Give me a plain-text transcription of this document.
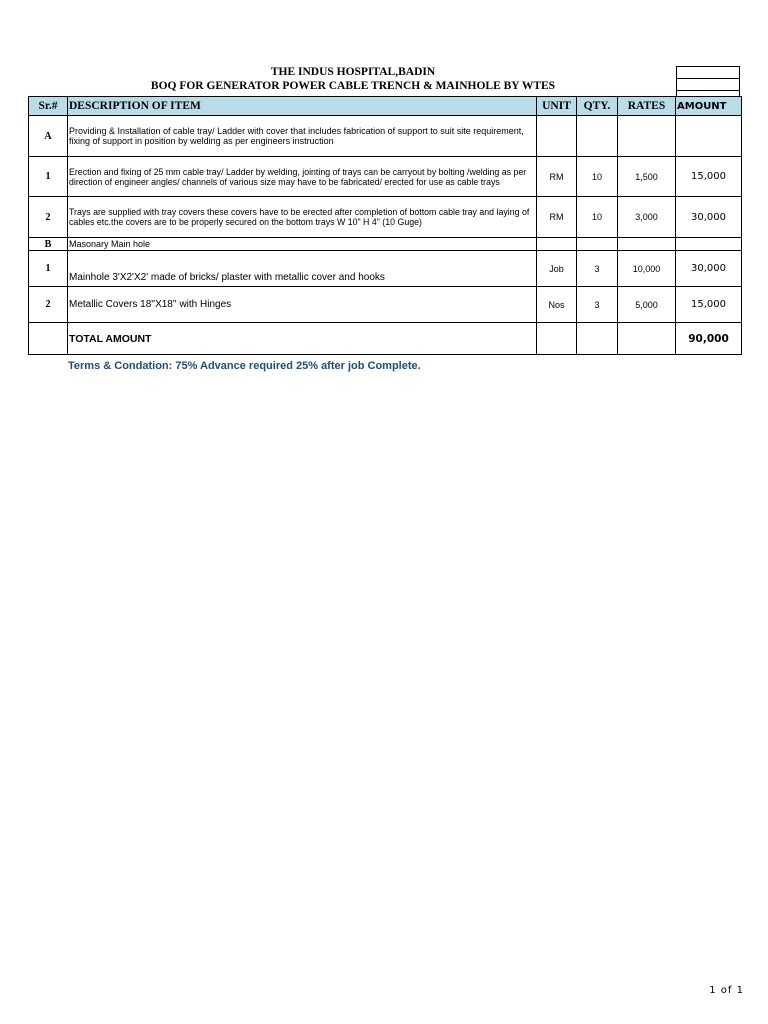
THE INDUS HOSPITAL,BADIN
BOQ FOR GENERATOR POWER CABLE TRENCH & MAINHOLE BY WTES
Sr.#	DESCRIPTION OF ITEM	UNIT	QTY.	RATES	AMOUNT
A	Providing & Installation of cable tray/ Ladder with cover that includes fabrication of support to suit site requirement, fixing of support in position by welding as per engineers instruction				
1	Erection and fixing of 25 mm cable tray/ Ladder by welding, jointing of trays can be carryout by bolting /welding as per direction of engineer angles/ channels of various size may have to be fabricated/ erected for use as cable trays	RM	10	1,500	15,000
2	Trays are supplied with tray covers these covers have to be erected after completion of bottom cable tray and laying of cables etc.the covers are to be properly secured on the bottom trays W 10" H 4" (10 Guge)	RM	10	3,000	30,000
B	Masonary Main hole				
1	Mainhole 3'X2'X2' made of bricks/ plaster with metallic cover and hooks	Job	3	10,000	30,000
2	Metallic Covers 18''X18'' with Hinges	Nos	3	5,000	15,000
	TOTAL AMOUNT				90,000
Terms & Condation: 75% Advance required 25% after job Complete.
1 of 1
